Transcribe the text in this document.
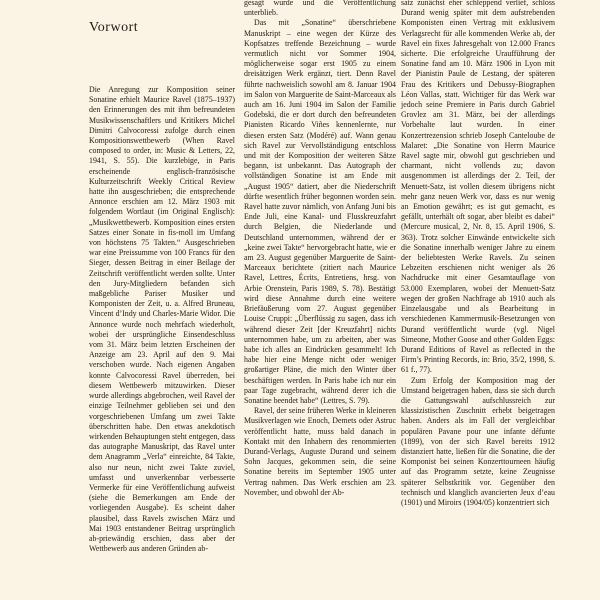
Vorwort

Die Anregung zur Komposition seiner Sonatine erhielt Maurice Ravel (1875–1937) den Erinnerungen des mit ihm befreundeten Musikwissenschaftlers und Kritikers Michel Dimitri Calvocoressi zufolge durch einen Kompositionswettbewerb (When Ravel composed to order, in: Music & Letters, 22, 1941, S. 55). Die kurzlebige, in Paris erscheinende englisch-französische Kulturzeitschrift Weekly Critical Review hatte ihn ausgeschrieben; die entsprechende Annonce erschien am 12. März 1903 mit folgendem Wortlaut (im Original Englisch): „Musikwettbewerb. Komposition eines ersten Satzes einer Sonate in fis-moll im Umfang von höchstens 75 Takten.“ Ausgeschrieben war eine Preissumme von 100 Francs für den Sieger, dessen Beitrag in einer Beilage der Zeitschrift veröffentlicht werden sollte. Unter den Jury-Mitgliedern befanden sich maßgebliche Pariser Musiker und Komponisten der Zeit, u. a. Alfred Bruneau, Vincent d’Indy und Charles-Marie Widor. Die Annonce wurde noch mehrfach wiederholt, wobei der ursprüngliche Einsendeschluss vom 31. März beim letzten Erscheinen der Anzeige am 23. April auf den 9. Mai verschoben wurde. Nach eigenen Angaben konnte Calvocoressi Ravel überreden, bei diesem Wettbewerb mitzuwirken. Dieser wurde allerdings abgebrochen, weil Ravel der einzige Teilnehmer geblieben sei und den vorgeschriebenen Umfang um zwei Takte überschritten habe. Den etwas anekdotisch wirkenden Behauptungen steht entgegen, dass das autographe Manuskript, das Ravel unter dem Anagramm „Verla“ einreichte, 84 Takte, also nur neun, nicht zwei Takte zuviel, umfasst und unverkennbar verbesserte Vermerke für eine Veröffentlichung aufweist (siehe die Bemerkungen am Ende der vorliegenden Ausgabe). Es scheint daher plausibel, dass Ravels zwischen März und Mai 1903 entstandener Beitrag ursprünglich ab-priewändig erschien, dass aber der Wettbewerb aus anderen Gründen ab-

gesagt wurde und die Veröffentlichung unterblieb.

Das mit „Sonatine“ überschriebene Manuskript – eine wegen der Kürze des Kopfsatzes treffende Bezeichnung – wurde vermutlich nicht vor Sommer 1904, möglicherweise sogar erst 1905 zu einem dreisätzigen Werk ergänzt, tiert. Denn Ravel führte nachweislich sowohl am 8. Januar 1904 im Salon von Marguerite de Saint-Marceaux als auch am 16. Juni 1904 im Salon der Familie Godebski, die er dort durch den befreundeten Pianisten Ricardo Viñes kennenlernte, nur diesen ersten Satz (Modéré) auf. Wann genau sich Ravel zur Vervollständigung entschloss und mit der Komposition der weiteren Sätze begann, ist unbekannt. Das Autograph der vollständigen Sonatine ist am Ende mit „August 1905“ datiert, aber die Niederschrift dürfte wesentlich früher begonnen worden sein. Ravel hatte zuvor nämlich, von Anfang Juni bis Ende Juli, eine Kanal- und Flusskreuzfahrt durch Belgien, die Niederlande und Deutschland unternommen, während der er „keine zwei Takte“ hervorgebracht hatte, wie er am 23. August gegenüber Marguerite de Saint-Marceaux berichtete (zitiert nach Maurice Ravel, Lettres, Écrits, Entretiens, hrsg. von Arbie Orenstein, Paris 1989, S. 78). Bestätigt wird diese Annahme durch eine weitere Briefäußerung vom 27. August gegenüber Louise Cruppi: „Überflüssig zu sagen, dass ich während dieser Zeit [der Kreuzfahrt] nichts unternommen habe, um zu arbeiten, aber was habe ich alles an Eindrücken gesammelt! Ich habe hier eine Menge nicht oder weniger großartiger Pläne, die mich den Winter über beschäftigen werden. In Paris habe ich nur ein paar Tage zugebracht, während derer ich die Sonatine beendet habe“ (Lettres, S. 79).

Ravel, der seine früheren Werke in kleineren Musikverlagen wie Enoch, Demets oder Astruc veröffentlicht hatte, muss bald danach in Kontakt mit den Inhabern des renommierten Durand-Verlags, Auguste Durand und seinem Sohn Jacques, gekommen sein, die seine Sonatine bereits im September 1905 unter Vertrag nahmen. Das Werk erschien am 23. November, und obwohl der Ab-

satz zunächst eher schleppend verlief, schloss Durand wenig später mit dem aufstrebenden Komponisten einen Vertrag mit exklusivem Verlagsrecht für alle kommenden Werke ab, der Ravel ein fixes Jahresgehalt von 12.000 Francs sicherte. Die erfolgreiche Uraufführung der Sonatine fand am 10. März 1906 in Lyon mit der Pianistin Paule de Lestang, der späteren Frau des Kritikers und Debussy-Biographen Léon Vallas, statt. Wichtiger für das Werk war jedoch seine Premiere in Paris durch Gabriel Grovlez am 31. März, bei der allerdings Vorbehalte laut wurden. In einer Konzertrezension schrieb Joseph Canteloube de Malaret: „Die Sonatine von Herrn Maurice Ravel sagte mir, obwohl gut geschrieben und charmant, nicht vollends zu; davon ausgenommen ist allerdings der 2. Teil, der Menuett-Satz, ist vollen diesem übrigens nicht mehr ganz neuen Werk vor, dass es nur wenig an Emotion gewährt; es ist gut gemacht, es gefällt, unterhält oft sogar, aber bleibt es dabei“ (Mercure musical, 2, Nr. 8, 15. April 1906, S. 363). Trotz solcher Einwände entwickelte sich die Sonatine innerhalb weniger Jahre zu einem der beliebtesten Werke Ravels. Zu seinen Lebzeiten erschienen nicht weniger als 26 Nachdrucke mit einer Gesamtauflage von 53.000 Exemplaren, wobei der Menuett-Satz wegen der großen Nachfrage ab 1910 auch als Einzelausgabe und als Bearbeitung in verschiedenen Kammermusik-Besetzungen von Durand veröffentlicht wurde (vgl. Nigel Simeone, Mother Goose and other Golden Eggs: Durand Editions of Ravel as reflected in the Firm’s Printing Records, in: Brio, 35/2, 1998, S. 61 f., 77).

Zum Erfolg der Komposition mag der Umstand beigetragen haben, dass sie sich durch die Gattungswahl aufschlussreich zur klassizistischen Zuschnitt erhebt beigetragen haben. Anders als im Fall der vergleichbar populären Pavane pour une infante défunte (1899), von der sich Ravel bereits 1912 distanziert hatte, ließen für die Sonatine, die der Komponist bei seinen Konzerttourneen häufig auf das Programm setzte, keine Zeugnisse späterer Selbstkritik vor. Gegenüber den technisch und klanglich avancierten Jeux d’eau (1901) und Miroirs (1904/05) konzentriert sich
